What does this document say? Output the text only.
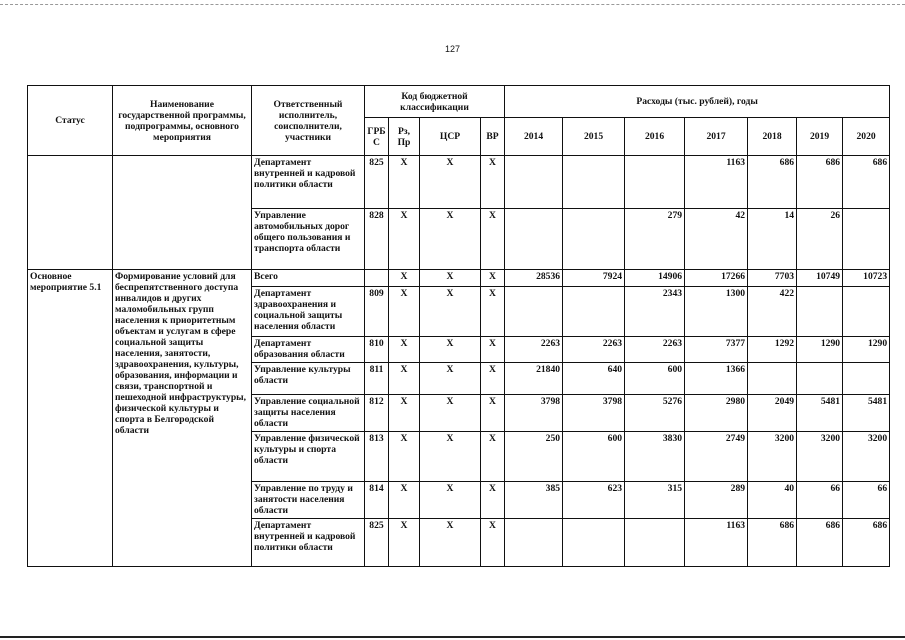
127
Статус	Наименование государственной программы, подпрограммы, основного мероприятия	Ответственный исполнитель, соисполнители, участники	Код бюджетной классификации				Расходы (тыс. рублей), годы						
			ГРБ С	Рз, Пр	ЦСР	ВР	2014	2015	2016	2017	2018	2019	2020
		Департамент внутренней и кадровой политики области	825	X	X	X				1163	686	686	686
		Управление автомобильных дорог общего пользования и транспорта области	828	X	X	X			279	42	14	26	
Основное мероприятие 5.1	Формирование условий для беспрепятственного доступа инвалидов и других маломобильных групп населения к приоритетным объектам и услугам в сфере социальной защиты населения, занятости, здравоохранения, культуры, образования, информации и связи, транспортной и пешеходной инфраструктуры, физической культуры и спорта в Белгородской области	Всего		X	X	X	28536	7924	14906	17266	7703	10749	10723
		Департамент здравоохранения и социальной защиты населения области	809	X	X	X			2343	1300	422		
		Департамент образования области	810	X	X	X	2263	2263	2263	7377	1292	1290	1290
		Управление культуры области	811	X	X	X	21840	640	600	1366			
		Управление социальной защиты населения области	812	X	X	X	3798	3798	5276	2980	2049	5481	5481
		Управление физической культуры и спорта области	813	X	X	X	250	600	3830	2749	3200	3200	3200
		Управление по труду и занятости населения области	814	X	X	X	385	623	315	289	40	66	66
		Департамент внутренней и кадровой политики области	825	X	X	X				1163	686	686	686
